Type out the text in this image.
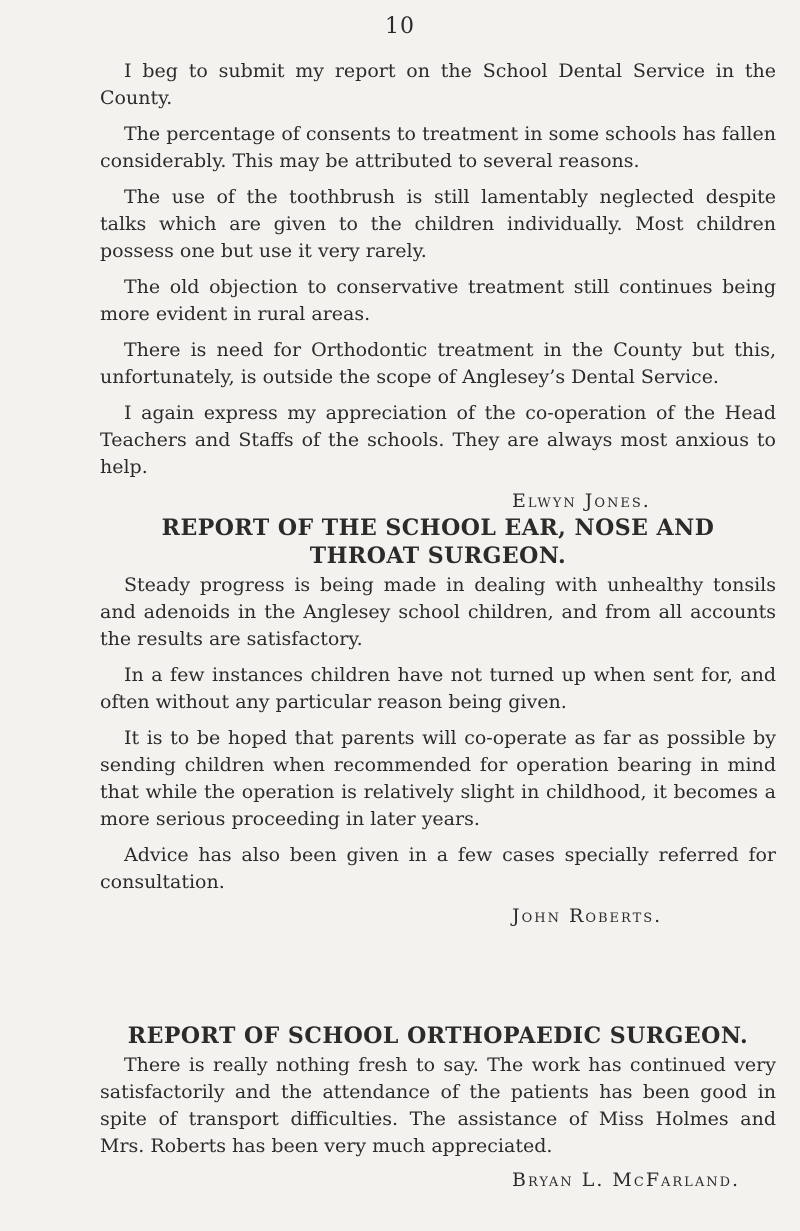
10

I beg to submit my report on the School Dental Service in the County.

The percentage of consents to treatment in some schools has fallen considerably. This may be attributed to several reasons.

The use of the toothbrush is still lamentably neglected despite talks which are given to the children individually. Most children possess one but use it very rarely.

The old objection to conservative treatment still continues being more evident in rural areas.

There is need for Orthodontic treatment in the County but this, unfortunately, is outside the scope of Anglesey’s Dental Service.

I again express my appreciation of the co-operation of the Head Teachers and Staffs of the schools. They are always most anxious to help.

Elwyn Jones.

REPORT OF THE SCHOOL EAR, NOSE AND THROAT SURGEON.

Steady progress is being made in dealing with unhealthy tonsils and adenoids in the Anglesey school children, and from all accounts the results are satisfactory.

In a few instances children have not turned up when sent for, and often without any particular reason being given.

It is to be hoped that parents will co-operate as far as possible by sending children when recommended for operation bearing in mind that while the operation is relatively slight in childhood, it becomes a more serious proceeding in later years.

Advice has also been given in a few cases specially referred for consultation.

John Roberts.

REPORT OF SCHOOL ORTHOPAEDIC SURGEON.

There is really nothing fresh to say. The work has continued very satisfactorily and the attendance of the patients has been good in spite of transport difficulties. The assistance of Miss Holmes and Mrs. Roberts has been very much appreciated.

Bryan L. McFarland.
